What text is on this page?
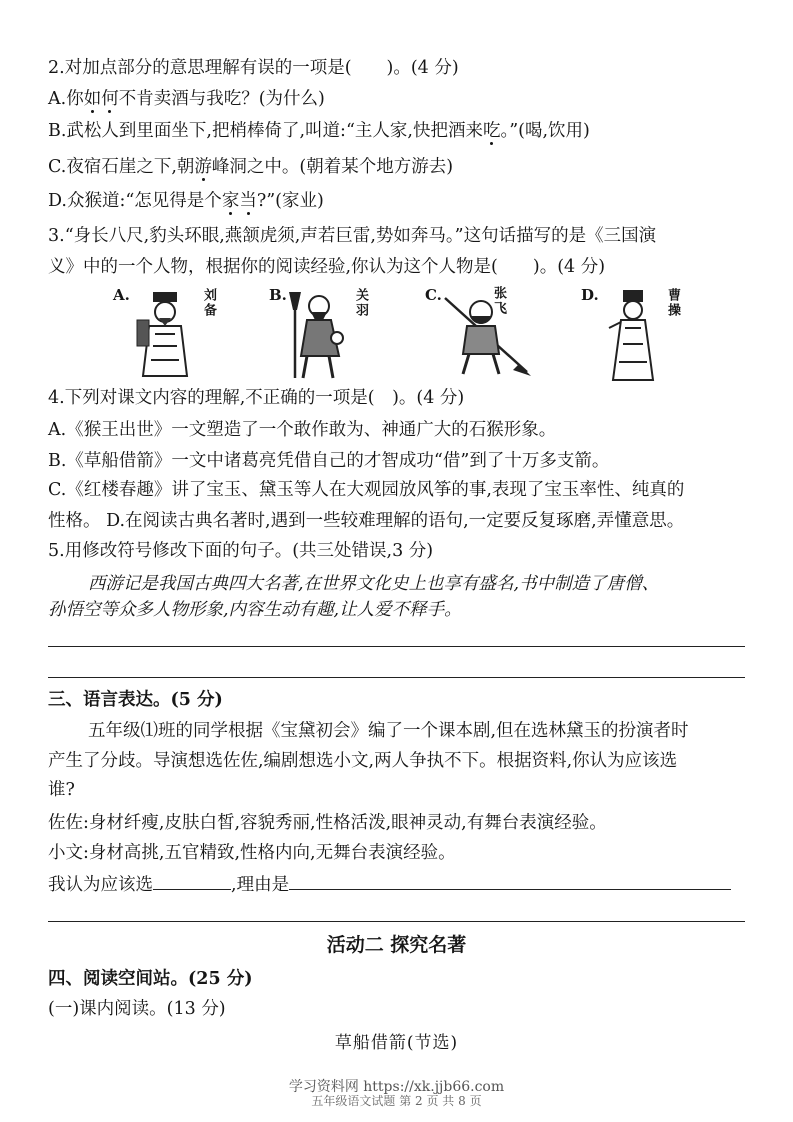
2.对加点部分的意思理解有误的一项是(　　)。(4 分)
A.你如何不肯卖酒与我吃？(为什么)
B.武松人到里面坐下,把梢棒倚了,叫道:“主人家,快把酒来吃。”(喝,饮用)
C.夜宿石崖之下,朝游峰洞之中。(朝着某个地方游去)
D.众猴道:“怎见得是个家当?”(家业)
3.“身长八尺,豹头环眼,燕颔虎须,声若巨雷,势如奔马。”这句话描写的是《三国演
义》中的一个人物，根据你的阅读经验,你认为这个人物是(　　)。(4 分)
A.	刘备	B.	关羽	C.	张飞	D.	曹操
4.下列对课文内容的理解,不正确的一项是(　)。(4 分)
A.《猴王出世》一文塑造了一个敢作敢为、神通广大的石猴形象。
B.《草船借箭》一文中诸葛亮凭借自己的才智成功“借”到了十万多支箭。
C.《红楼春趣》讲了宝玉、黛玉等人在大观园放风筝的事,表现了宝玉率性、纯真的
性格。 D.在阅读古典名著时,遇到一些较难理解的语句,一定要反复琢磨,弄懂意思。
5.用修改符号修改下面的句子。(共三处错误,3 分)
西游记是我国古典四大名著,在世界文化史上也享有盛名,书中制造了唐僧、
孙悟空等众多人物形象,内容生动有趣,让人爱不释手。
三、语言表达。(5 分)
五年级⑴班的同学根据《宝黛初会》编了一个课本剧,但在选林黛玉的扮演者时
产生了分歧。导演想选佐佐,编剧想选小文,两人争执不下。根据资料,你认为应该选
谁?
佐佐:身材纤瘦,皮肤白皙,容貌秀丽,性格活泼,眼神灵动,有舞台表演经验。
小文:身材高挑,五官精致,性格内向,无舞台表演经验。
我认为应该选	,理由是
活动二 探究名著
四、阅读空间站。(25 分)
(一)课内阅读。(13 分)
草船借箭(节选)
学习资料网 https://xk.jjb66.com
五年级语文试题 第 2 页 共 8 页
